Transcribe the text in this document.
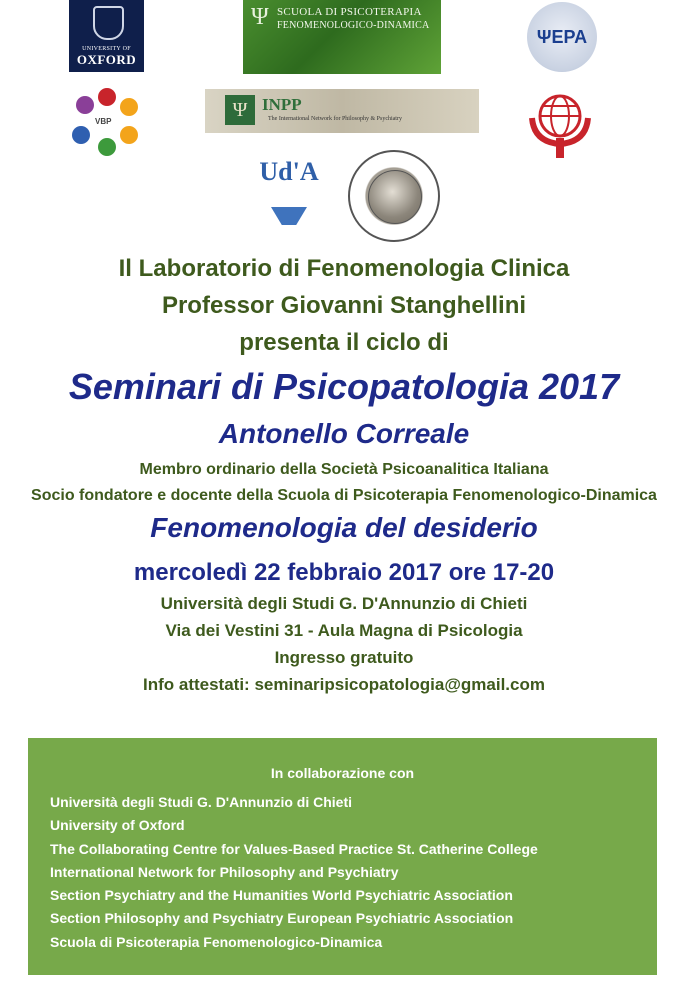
UNIVERSITY OF
OXFORD
Ψ SCUOLA DI PSICOTERAPIA
FENOMENOLOGICO-DINAMICA
ΨEPA
VBP
Ψ INPP
The International Network for Philosophy & Psychiatry
Ud'A
Il Laboratorio di Fenomenologia Clinica
Professor Giovanni Stanghellini
presenta il ciclo di
Seminari di Psicopatologia 2017
Antonello Correale
Membro ordinario della Società Psicoanalitica Italiana
Socio fondatore e docente della Scuola di Psicoterapia Fenomenologico-Dinamica
Fenomenologia del desiderio
mercoledì 22 febbraio 2017 ore 17-20
Università degli Studi G. D'Annunzio di Chieti
Via dei Vestini 31 - Aula Magna di Psicologia
Ingresso gratuito
Info attestati: seminaripsicopatologia@gmail.com
In collaborazione con
Università degli Studi G. D'Annunzio di Chieti
University of Oxford
The Collaborating Centre for Values-Based Practice St. Catherine College
International Network for Philosophy and Psychiatry
Section Psychiatry and the Humanities World Psychiatric Association
Section Philosophy and Psychiatry European Psychiatric Association
Scuola di Psicoterapia Fenomenologico-Dinamica
